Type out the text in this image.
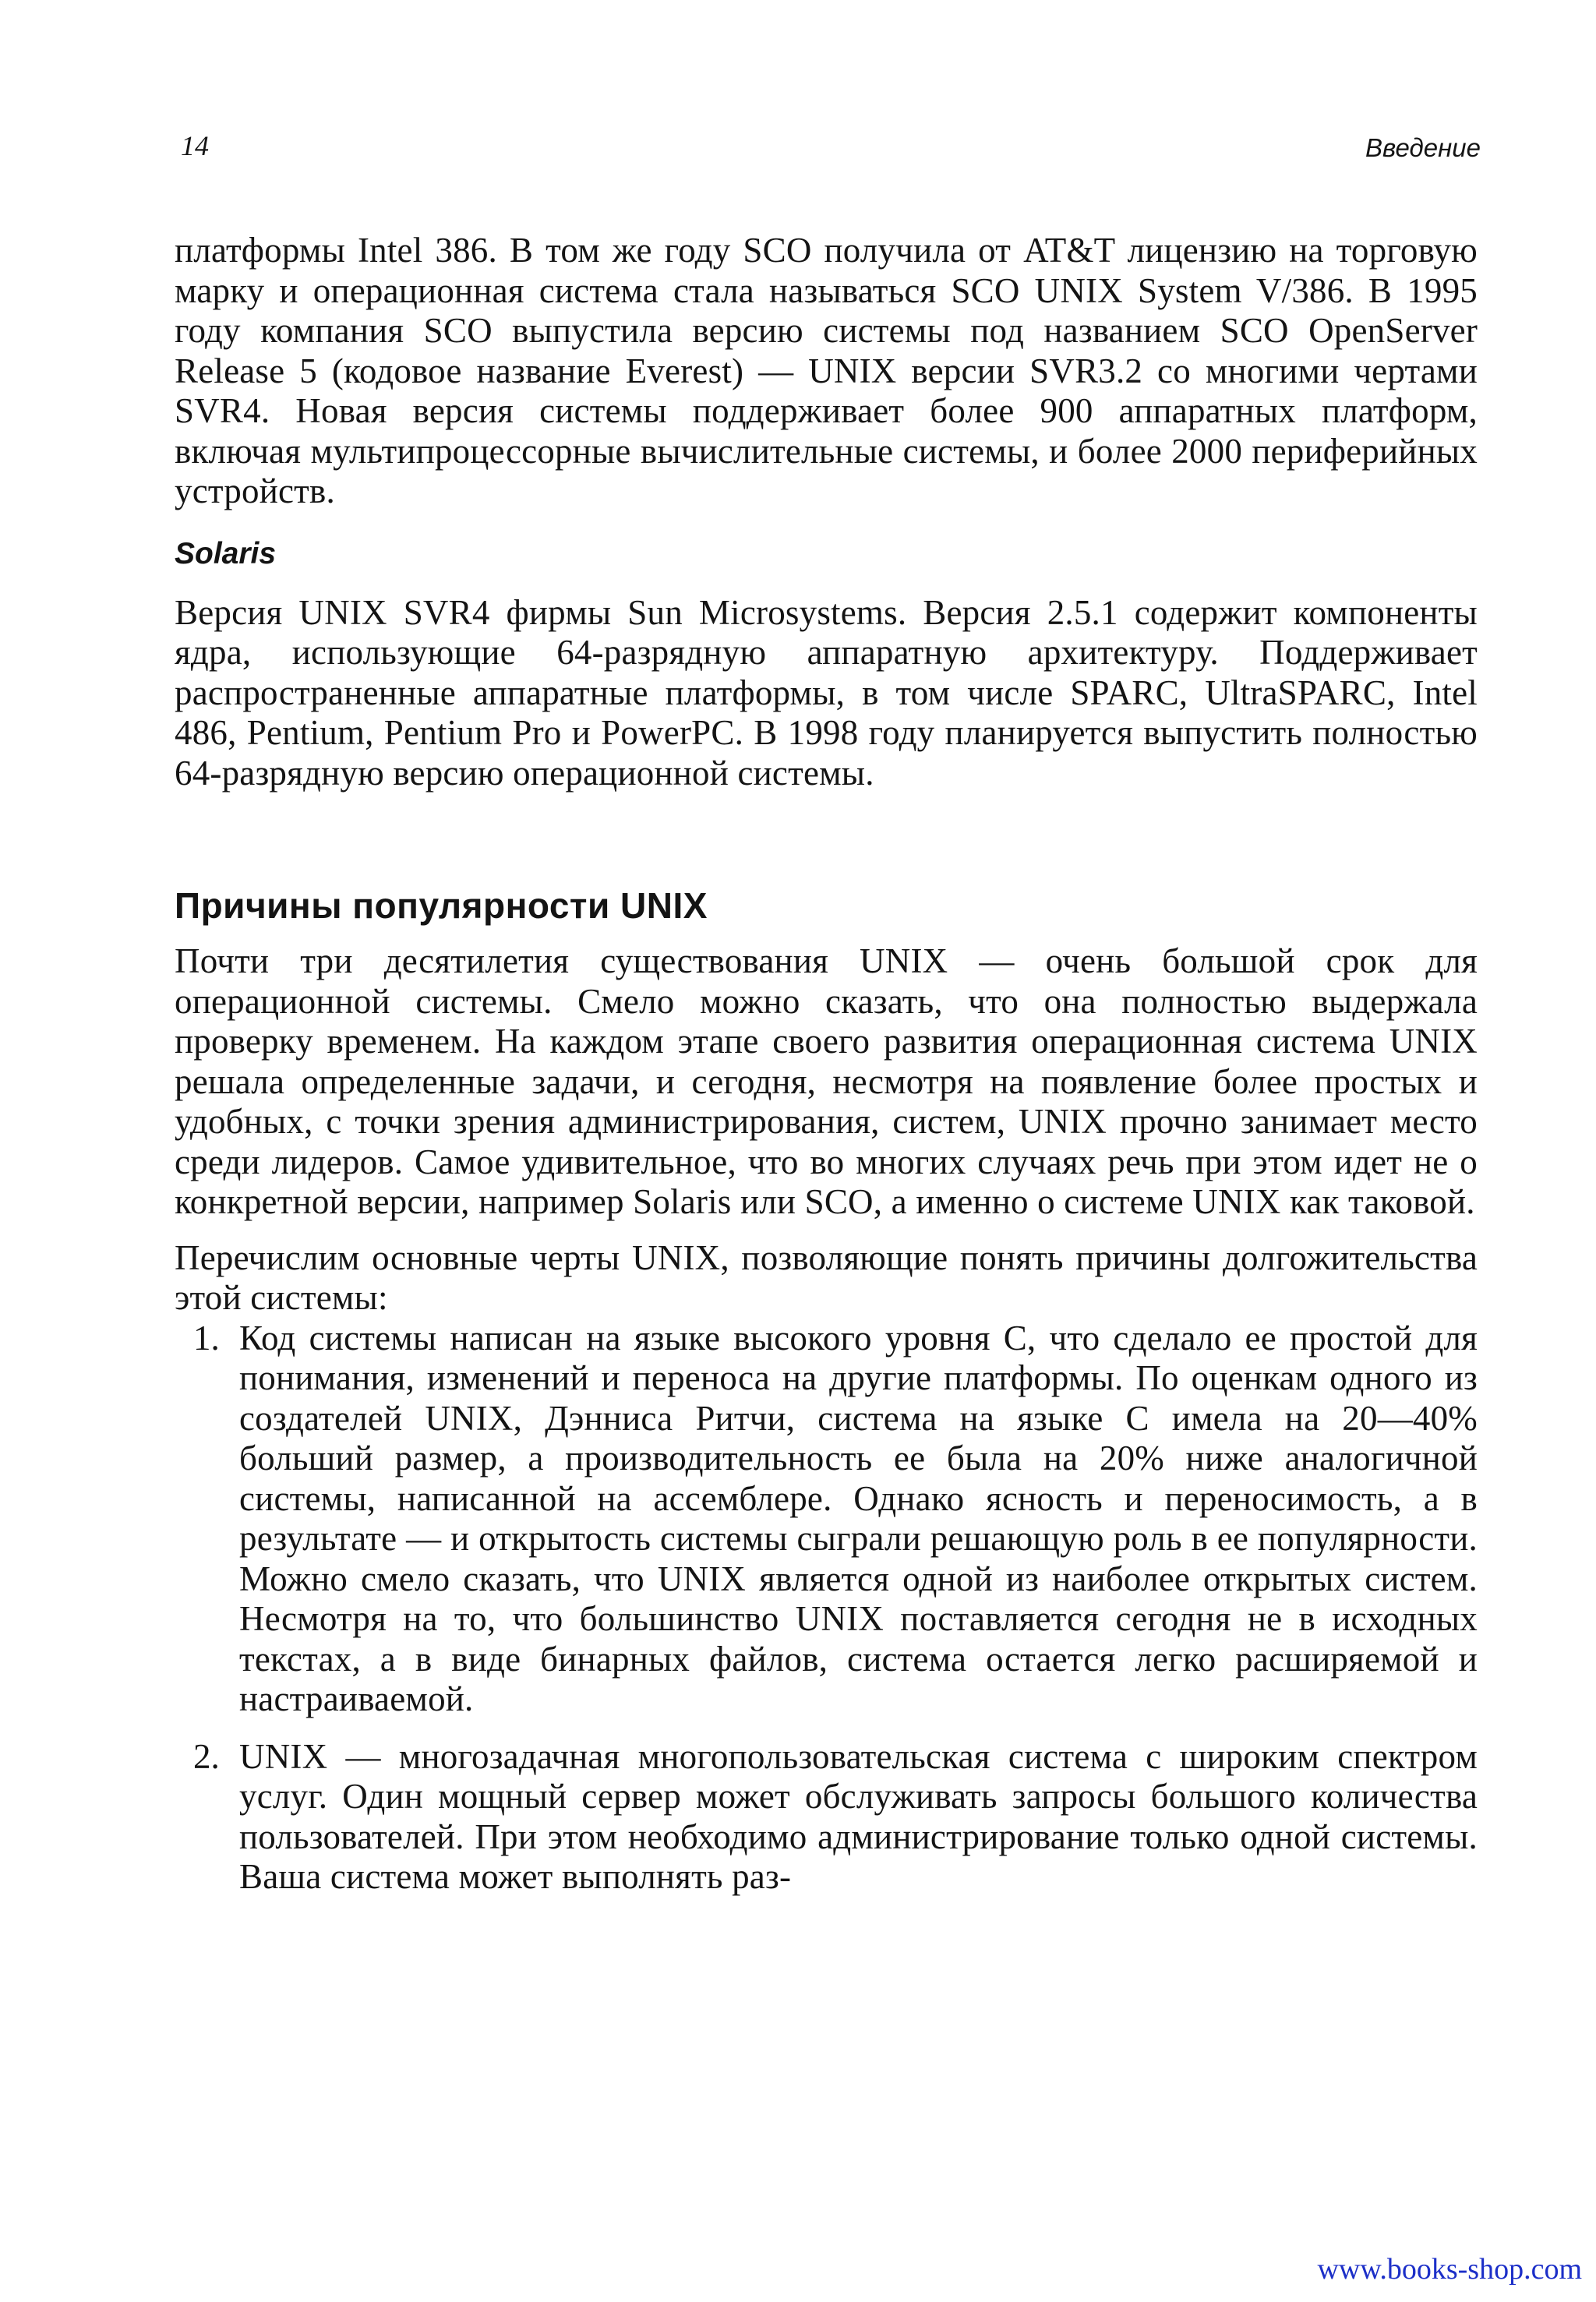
14	Введение

платформы Intel 386. В том же году SCO получила от AT&T лицензию на торговую марку и операционная система стала называться SCO UNIX System V/386. В 1995 году компания SCO выпустила версию системы под названием SCO OpenServer Release 5 (кодовое название Everest) — UNIX версии SVR3.2 со многими чертами SVR4. Новая версия системы поддерживает более 900 аппаратных платформ, включая мультипроцессорные вычислительные системы, и более 2000 периферийных устройств.

Solaris

Версия UNIX SVR4 фирмы Sun Microsystems. Версия 2.5.1 содержит компоненты ядра, использующие 64-разрядную аппаратную архитектуру. Поддерживает распространенные аппаратные платформы, в том числе SPARC, UltraSPARC, Intel 486, Pentium, Pentium Pro и PowerPC. В 1998 году планируется выпустить полностью 64-разрядную версию операционной системы.

Причины популярности UNIX

Почти три десятилетия существования UNIX — очень большой срок для операционной системы. Смело можно сказать, что она полностью выдержала проверку временем. На каждом этапе своего развития операционная система UNIX решала определенные задачи, и сегодня, несмотря на появление более простых и удобных, с точки зрения администрирования, систем, UNIX прочно занимает место среди лидеров. Самое удивительное, что во многих случаях речь при этом идет не о конкретной версии, например Solaris или SCO, а именно о системе UNIX как таковой.

Перечислим основные черты UNIX, позволяющие понять причины долгожительства этой системы:

1. Код системы написан на языке высокого уровня C, что сделало ее простой для понимания, изменений и переноса на другие платформы. По оценкам одного из создателей UNIX, Дэнниса Ритчи, система на языке C имела на 20—40% больший размер, а производительность ее была на 20% ниже аналогичной системы, написанной на ассемблере. Однако ясность и переносимость, а в результате — и открытость системы сыграли решающую роль в ее популярности. Можно смело сказать, что UNIX является одной из наиболее открытых систем. Несмотря на то, что большинство UNIX поставляется сегодня не в исходных текстах, а в виде бинарных файлов, система остается легко расширяемой и настраиваемой.

2. UNIX — многозадачная многопользовательская система с широким спектром услуг. Один мощный сервер может обслуживать запросы большого количества пользователей. При этом необходимо администрирование только одной системы. Ваша система может выполнять раз-

www.books-shop.com
